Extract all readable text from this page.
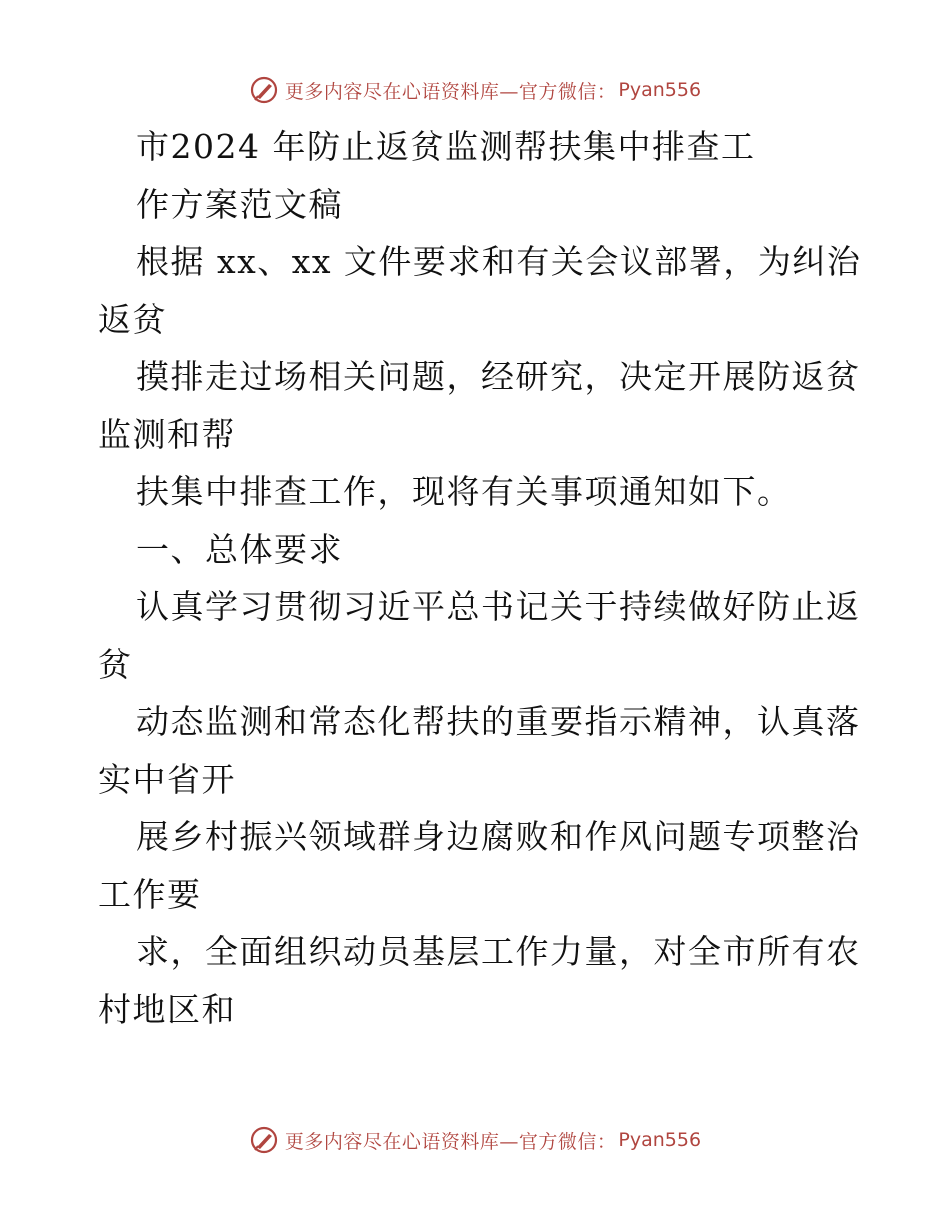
更多内容尽在心语资料库—官方微信： Pyan556
市2024 年防止返贫监测帮扶集中排查工
作方案范文稿
根据 xx、xx 文件要求和有关会议部署，为纠治
返贫
摸排走过场相关问题，经研究，决定开展防返贫
监测和帮
扶集中排查工作，现将有关事项通知如下。
一、总体要求
认真学习贯彻习近平总书记关于持续做好防止返
贫
动态监测和常态化帮扶的重要指示精神，认真落
实中省开
展乡村振兴领域群身边腐败和作风问题专项整治
工作要
求，全面组织动员基层工作力量，对全市所有农
村地区和
更多内容尽在心语资料库—官方微信： Pyan556
